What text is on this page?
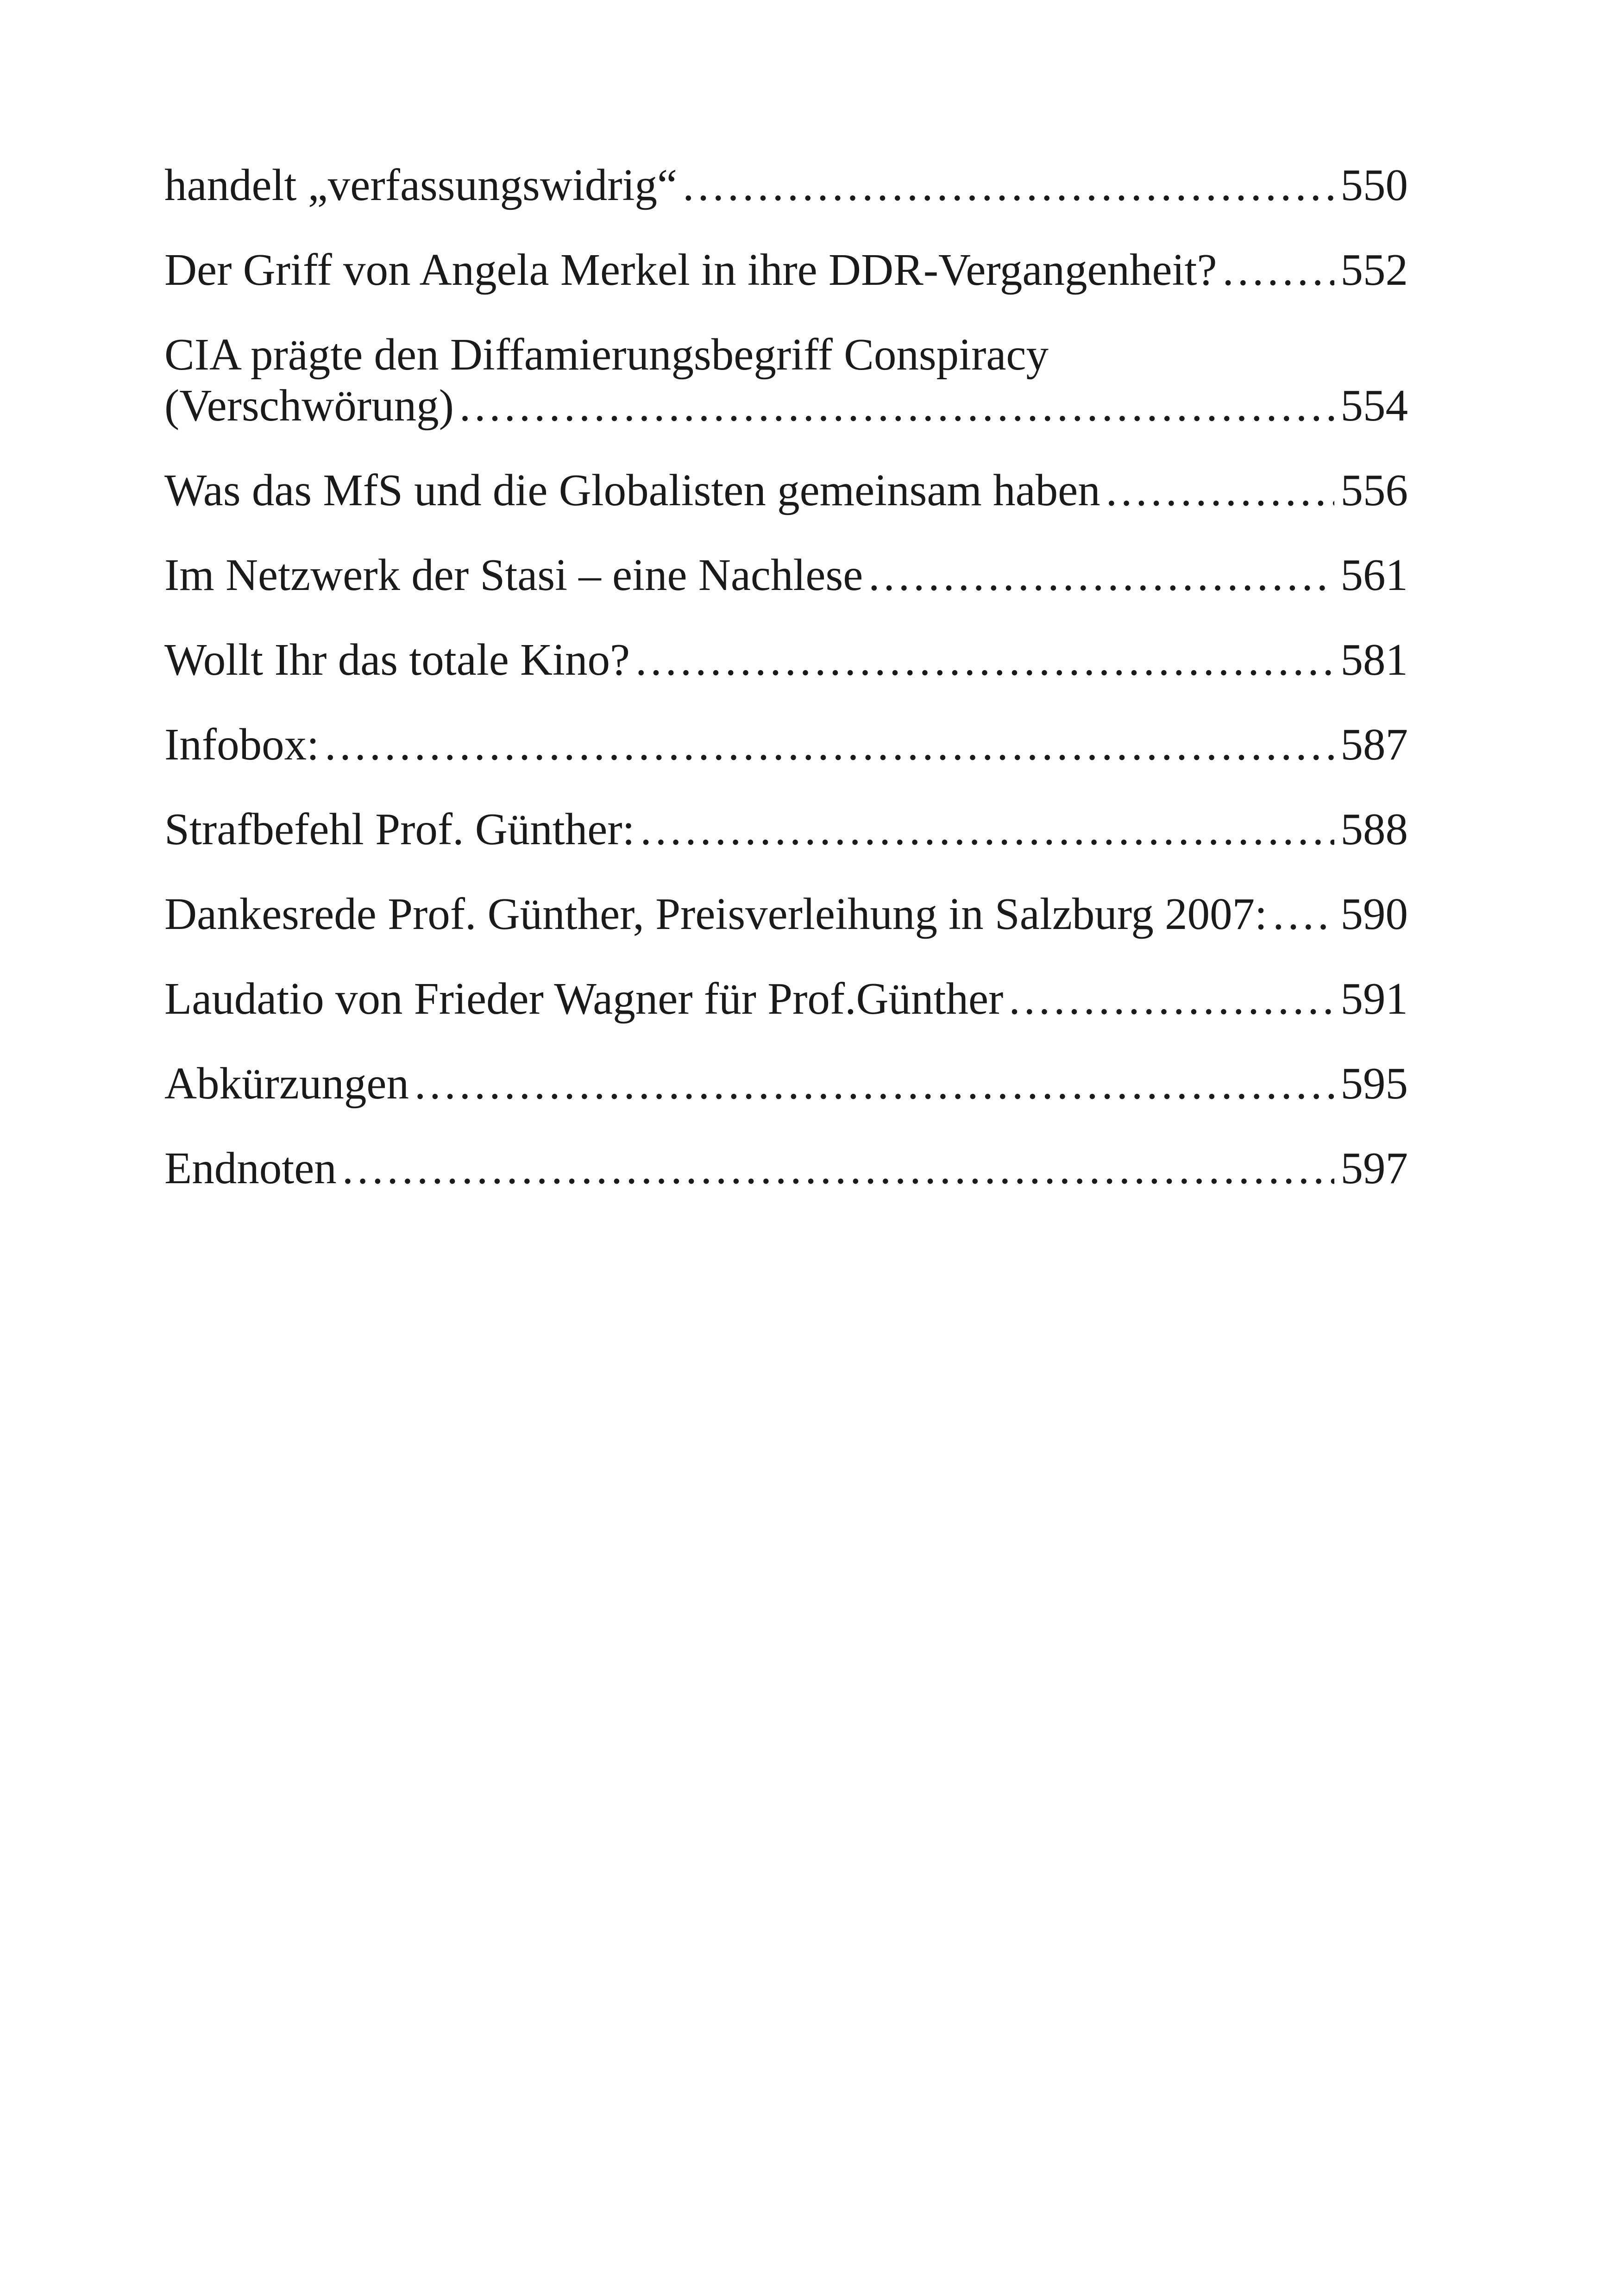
handelt „verfassungswidrig“ .....	550
Der Griff von Angela Merkel in ihre DDR-Vergangenheit? .....	552
CIA prägte den Diffamierungsbegriff Conspiracy
(Verschwörung) .....	554
Was das MfS und die Globalisten gemeinsam haben .....	556
Im Netzwerk der Stasi – eine Nachlese .....	561
Wollt Ihr das totale Kino? .....	581
Infobox: .....	587
Strafbefehl Prof. Günther: .....	588
Dankesrede Prof. Günther, Preisverleihung in Salzburg 2007: ..... 590
Laudatio von Frieder Wagner für Prof.Günther .....	591
Abkürzungen .....	595
Endnoten .....	597
